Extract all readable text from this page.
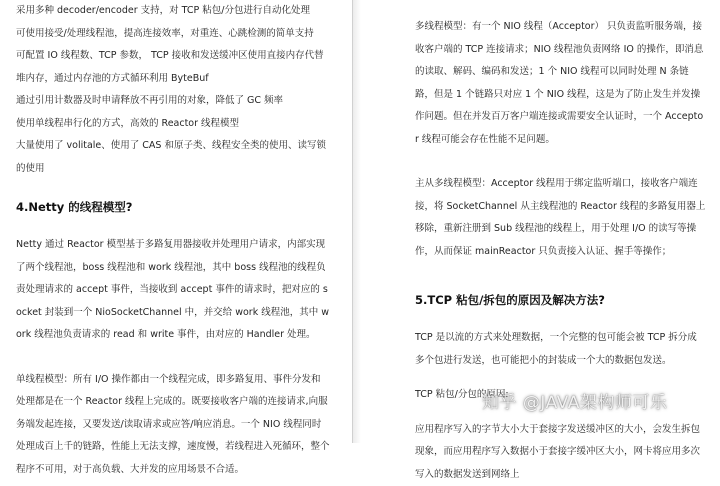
采用多种 decoder/encoder 支持，对 TCP 粘包/分包进行自动化处理

可使用接受/处理线程池，提高连接效率，对重连、心跳检测的简单支持

可配置 IO 线程数、TCP 参数， TCP 接收和发送缓冲区使用直接内存代替堆内存，通过内存池的方式循环利用 ByteBuf

通过引用计数器及时申请释放不再引用的对象，降低了 GC 频率

使用单线程串行化的方式，高效的 Reactor 线程模型

大量使用了 volitale、使用了 CAS 和原子类、线程安全类的使用、读写锁的使用

4.Netty 的线程模型?

Netty 通过 Reactor 模型基于多路复用器接收并处理用户请求，内部实现了两个线程池，boss 线程池和 work 线程池，其中 boss 线程池的线程负责处理请求的 accept 事件，当接收到 accept 事件的请求时，把对应的 socket 封装到一个 NioSocketChannel 中，并交给 work 线程池，其中 work 线程池负责请求的 read 和 write 事件，由对应的 Handler 处理。

单线程模型：所有 I/O 操作都由一个线程完成，即多路复用、事件分发和处理都是在一个 Reactor 线程上完成的。既要接收客户端的连接请求,向服务端发起连接，又要发送/读取请求或应答/响应消息。一个 NIO 线程同时处理成百上千的链路，性能上无法支撑，速度慢，若线程进入死循环，整个程序不可用，对于高负载、大并发的应用场景不合适。

多线程模型：有一个 NIO 线程（Acceptor） 只负责监听服务端，接收客户端的 TCP 连接请求；NIO 线程池负责网络 IO 的操作，即消息的读取、解码、编码和发送；1 个 NIO 线程可以同时处理 N 条链路，但是 1 个链路只对应 1 个 NIO 线程，这是为了防止发生并发操作问题。但在并发百万客户端连接或需要安全认证时，一个 Acceptor 线程可能会存在性能不足问题。

主从多线程模型：Acceptor 线程用于绑定监听端口，接收客户端连接，将 SocketChannel 从主线程池的 Reactor 线程的多路复用器上移除，重新注册到 Sub 线程池的线程上，用于处理 I/O 的读写等操作，从而保证 mainReactor 只负责接入认证、握手等操作；

5.TCP 粘包/拆包的原因及解决方法?

TCP 是以流的方式来处理数据，一个完整的包可能会被 TCP 拆分成多个包进行发送，也可能把小的封装成一个大的数据包发送。

TCP 粘包/分包的原因:

应用程序写入的字节大小大于套接字发送缓冲区的大小，会发生拆包现象，而应用程序写入数据小于套接字缓冲区大小，网卡将应用多次写入的数据发送到网络上

知乎 @JAVA架构师可乐
